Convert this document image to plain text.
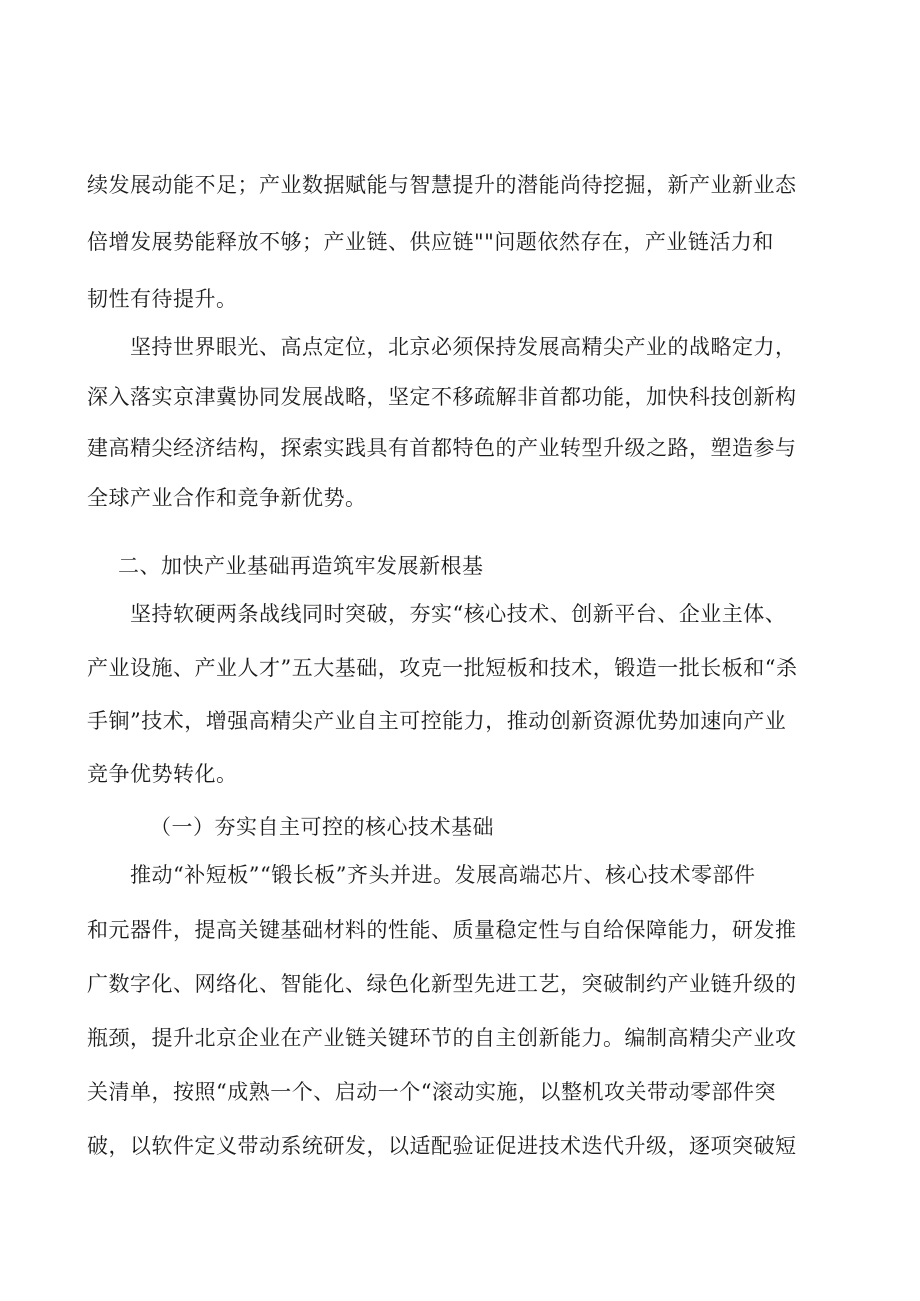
续发展动能不足；产业数据赋能与智慧提升的潜能尚待挖掘，新产业新业态
倍增发展势能释放不够；产业链、供应链""问题依然存在，产业链活力和
韧性有待提升。
坚持世界眼光、高点定位，北京必须保持发展高精尖产业的战略定力，
深入落实京津冀协同发展战略，坚定不移疏解非首都功能，加快科技创新构
建高精尖经济结构，探索实践具有首都特色的产业转型升级之路，塑造参与
全球产业合作和竞争新优势。
二、加快产业基础再造筑牢发展新根基
坚持软硬两条战线同时突破，夯实“核心技术、创新平台、企业主体、
产业设施、产业人才”五大基础，攻克一批短板和技术，锻造一批长板和“杀
手锏”技术，增强高精尖产业自主可控能力，推动创新资源优势加速向产业
竞争优势转化。
（一）夯实自主可控的核心技术基础
推动“补短板”“锻长板”齐头并进。发展高端芯片、核心技术零部件
和元器件，提高关键基础材料的性能、质量稳定性与自给保障能力，研发推
广数字化、网络化、智能化、绿色化新型先进工艺，突破制约产业链升级的
瓶颈，提升北京企业在产业链关键环节的自主创新能力。编制高精尖产业攻
关清单，按照“成熟一个、启动一个“滚动实施，以整机攻关带动零部件突
破，以软件定义带动系统研发，以适配验证促进技术迭代升级，逐项突破短
